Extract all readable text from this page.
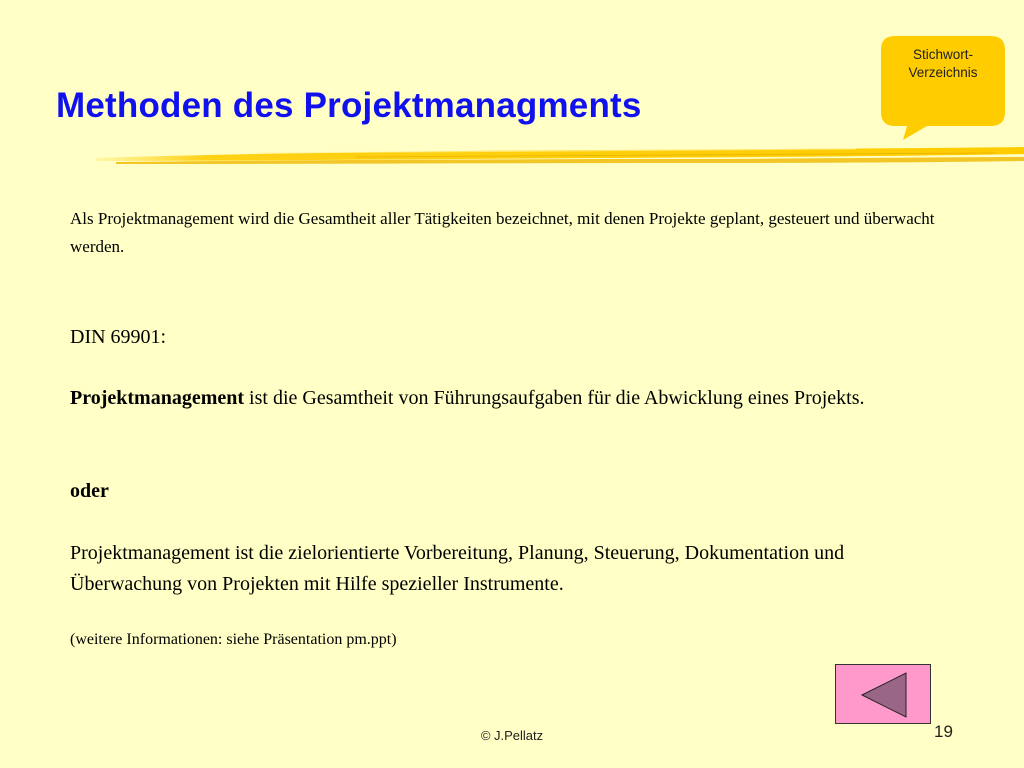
Methoden des Projektmanagments
Stichwort-
Verzeichnis
Als Projektmanagement wird die Gesamtheit aller Tätigkeiten bezeichnet, mit denen Projekte geplant, gesteuert und überwacht werden.
DIN 69901:
Projektmanagement ist die Gesamtheit von Führungsaufgaben für die Abwicklung eines Projekts.
oder
Projektmanagement ist die zielorientierte Vorbereitung, Planung, Steuerung, Dokumentation und Überwachung von Projekten mit Hilfe spezieller Instrumente.
(weitere Informationen: siehe Präsentation pm.ppt)
© J.Pellatz	19
